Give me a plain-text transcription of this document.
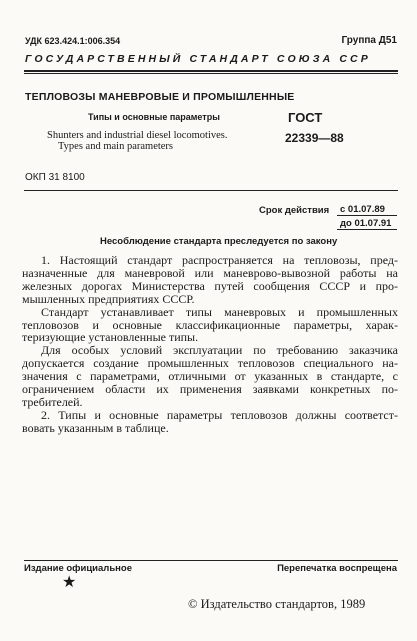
УДК 623.424.1:006.354	Группа Д51
ГОСУДАРСТВЕННЫЙ СТАНДАРТ СОЮЗА ССР
ТЕПЛОВОЗЫ МАНЕВРОВЫЕ И ПРОМЫШЛЕННЫЕ
Типы и основные параметры
Shunters and industrial diesel locomotives.
Types and main parameters
ГОСТ
22339—88
ОКП 31 8100
Срок действия с 01.07.89
до 01.07.91
Несоблюдение стандарта преследуется по закону

1. Настоящий стандарт распространяется на тепловозы, пред-
назначенные для маневровой или маневрово-вывозной работы на
железных дорогах Министерства путей сообщения СССР и про-
мышленных предприятиях СССР.

Стандарт устанавливает типы маневровых и промышленных
тепловозов и основные классификационные параметры, харак-
теризующие установленные типы.

Для особых условий эксплуатации по требованию заказчика
допускается создание промышленных тепловозов специального на-
значения с параметрами, отличными от указанных в стандарте, с
ограничением области их применения заявками конкретных по-
требителей.

2. Типы и основные параметры тепловозов должны соответст-
вовать указанным в таблице.

Издание официальное	Перепечатка воспрещена
★
© Издательство стандартов, 1989
